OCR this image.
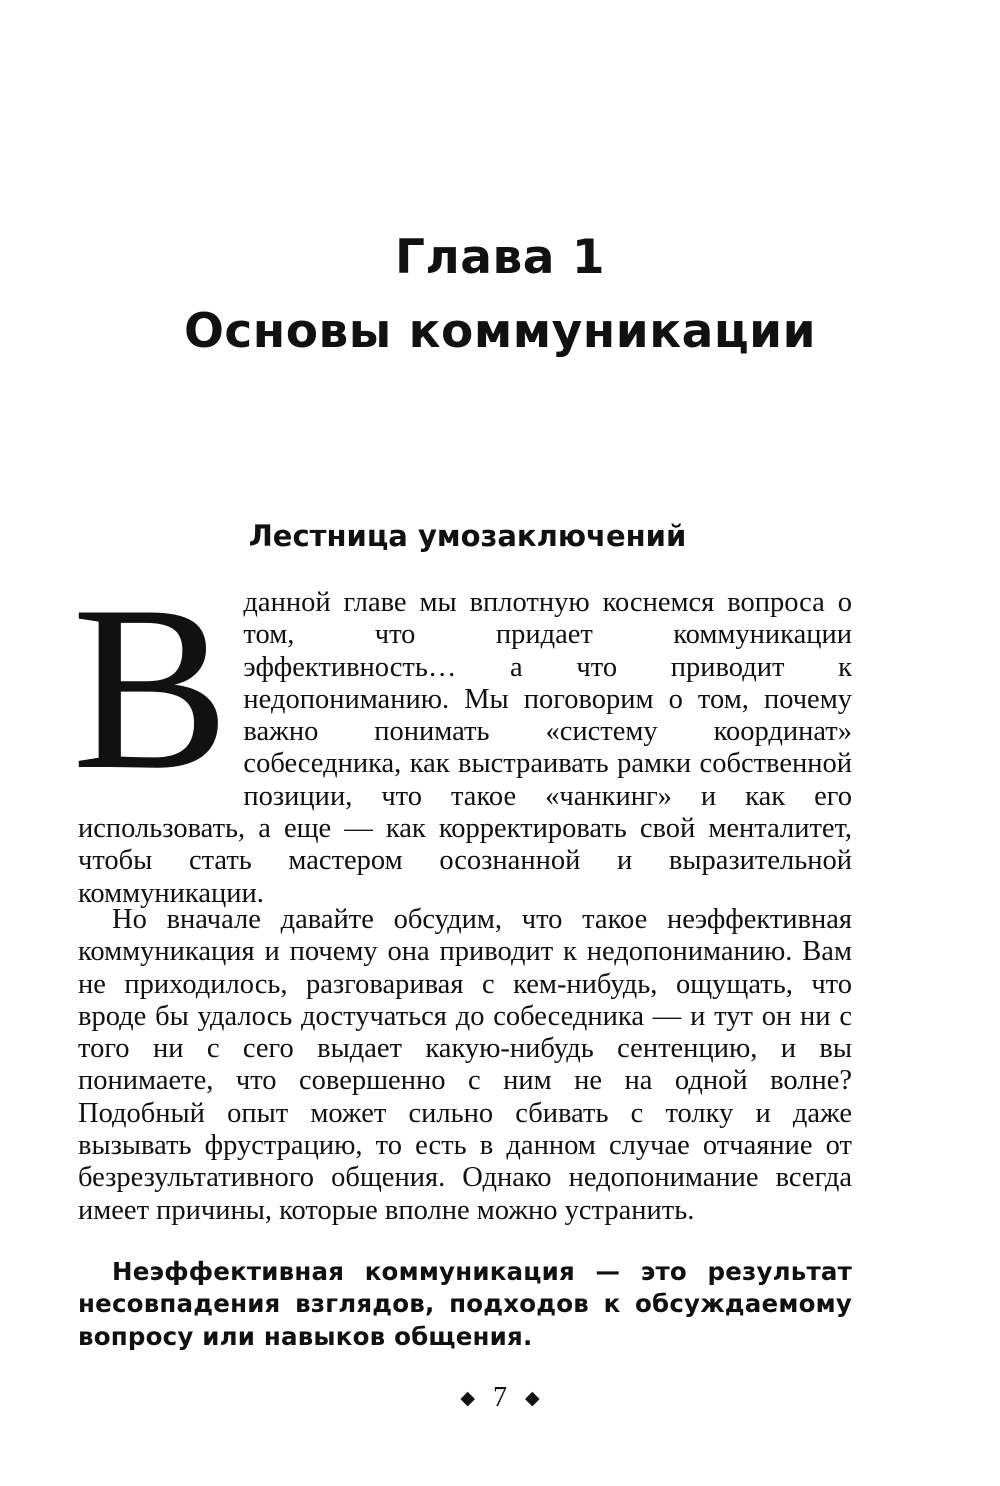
Глава 1
Основы коммуникации
Лестница умозаключений

Вданной главе мы вплотную коснемся вопроса о том, что придает коммуникации эффективность… а что приводит к недопониманию. Мы поговорим о том, почему важно понимать «систему координат» собеседника, как выстраивать рамки собственной позиции, что такое «чанкинг» и как его использовать, а еще — как корректировать свой менталитет, чтобы стать мастером осознанной и выразительной коммуникации.

Но вначале давайте обсудим, что такое неэффективная коммуникация и почему она приводит к недопониманию. Вам не приходилось, разговаривая с кем-нибудь, ощущать, что вроде бы удалось достучаться до собеседника — и тут он ни с того ни с сего выдает какую-нибудь сентенцию, и вы понимаете, что совершенно с ним не на одной волне? Подобный опыт может сильно сбивать с толку и даже вызывать фрустрацию, то есть в данном случае отчаяние от безрезультативного общения. Однако недопонимание всегда имеет причины, которые вполне можно устранить.

Неэффективная коммуникация — это результат несовпадения взглядов, подходов к обсуждаемому вопросу или навыков общения.

◆ 7 ◆
